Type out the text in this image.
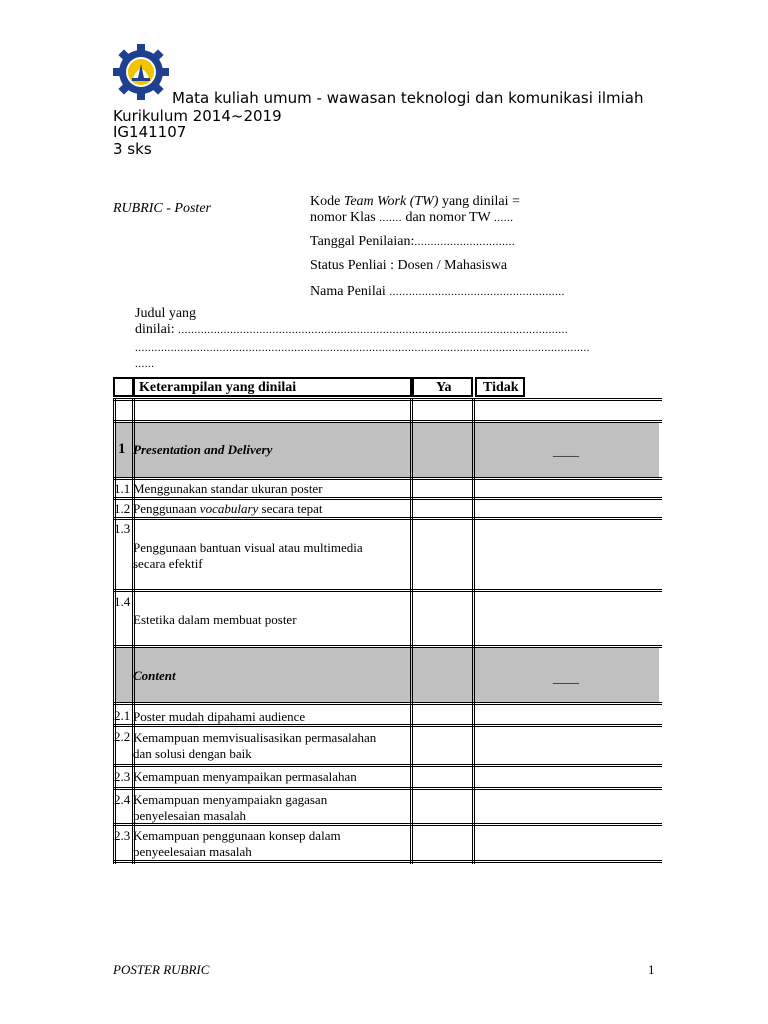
Mata kuliah umum - wawasan teknologi dan komunikasi ilmiah
Kurikulum 2014~2019
IG141107
3 sks
RUBRIC - Poster	Kode Team Work (TW) yang dinilai =
nomor Klas ....... dan nomor TW ......
Tanggal Penilaian:...............................
Status Penliai : Dosen / Mahasiswa
Nama Penilai ......................................................
Judul yang
dinilai: ........................................................................................................................
............................................................................................................................................
......
Keterampilan yang dinilai	Ya Tidak
1 Presentation and Delivery	____
1.1 Menggunakan standar ukuran poster
1.2 Penggunaan vocabulary secara tepat
1.3
Penggunaan bantuan visual atau multimedia
secara efektif
1.4
Estetika dalam membuat poster
Content	____
2.1 Poster mudah dipahami audience
2.2 Kemampuan memvisualisasikan permasalahan
dan solusi dengan baik
2.3 Kemampuan menyampaikan permasalahan
2.4 Kemampuan menyampaiakn gagasan
penyelesaian masalah
2.3 Kemampuan penggunaan konsep dalam
penyeelesaian masalah
POSTER RUBRIC	1
